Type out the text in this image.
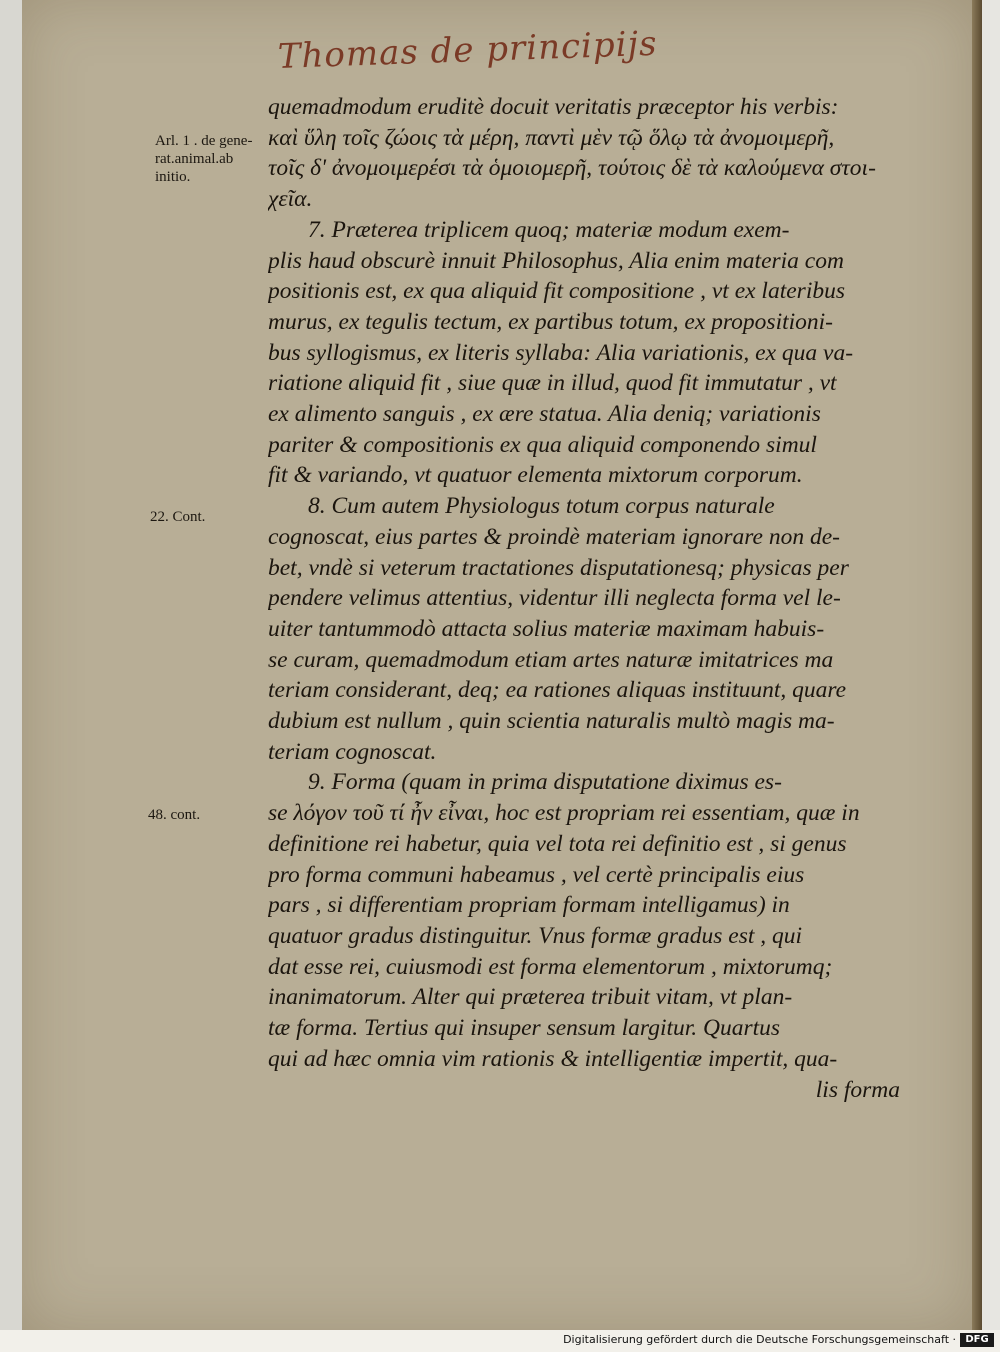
Thomas de principijs
Arl. 1 . de gene-
rat.animal.ab
initio.
22. Cont.
48. cont.
quemadmodum eruditè docuit veritatis præceptor his verbis:
καὶ ὕλη τοῖς ζώοις τὰ μέρη, παντὶ μὲν τῷ ὅλῳ τὰ ἀνομοιμερῆ,
τοῖς δ' ἀνομοιμερέσι τὰ ὁμοιομερῆ, τούτοις δὲ τὰ καλούμενα στοι-
χεῖα.
7. Præterea triplicem quoq; materiæ modum exem-
plis haud obscurè innuit Philosophus, Alia enim materia com
positionis est, ex qua aliquid fit compositione , vt ex lateribus
murus, ex tegulis tectum, ex partibus totum, ex propositioni-
bus syllogismus, ex literis syllaba: Alia variationis, ex qua va-
riatione aliquid fit , siue quæ in illud, quod fit immutatur , vt
ex alimento sanguis , ex ære statua. Alia deniq; variationis
pariter & compositionis ex qua aliquid componendo simul
fit & variando, vt quatuor elementa mixtorum corporum.
8. Cum autem Physiologus totum corpus naturale
cognoscat, eius partes & proindè materiam ignorare non de-
bet, vndè si veterum tractationes disputationesq; physicas per
pendere velimus attentius, videntur illi neglecta forma vel le-
uiter tantummodò attacta solius materiæ maximam habuis-
se curam, quemadmodum etiam artes naturæ imitatrices ma
teriam considerant, deq; ea rationes aliquas instituunt, quare
dubium est nullum , quin scientia naturalis multò magis ma-
teriam cognoscat.
9. Forma (quam in prima disputatione diximus es-
se λόγον τοῦ τί ἦν εἶναι, hoc est propriam rei essentiam, quæ in
definitione rei habetur, quia vel tota rei definitio est , si genus
pro forma communi habeamus , vel certè principalis eius
pars , si differentiam propriam formam intelligamus) in
quatuor gradus distinguitur. Vnus formæ gradus est , qui
dat esse rei, cuiusmodi est forma elementorum , mixtorumq;
inanimatorum. Alter qui præterea tribuit vitam, vt plan-
tæ forma. Tertius qui insuper sensum largitur. Quartus
qui ad hæc omnia vim rationis & intelligentiæ impertit, qua-
lis forma
Digitalisierung gefördert durch die Deutsche Forschungsgemeinschaft · DFG
